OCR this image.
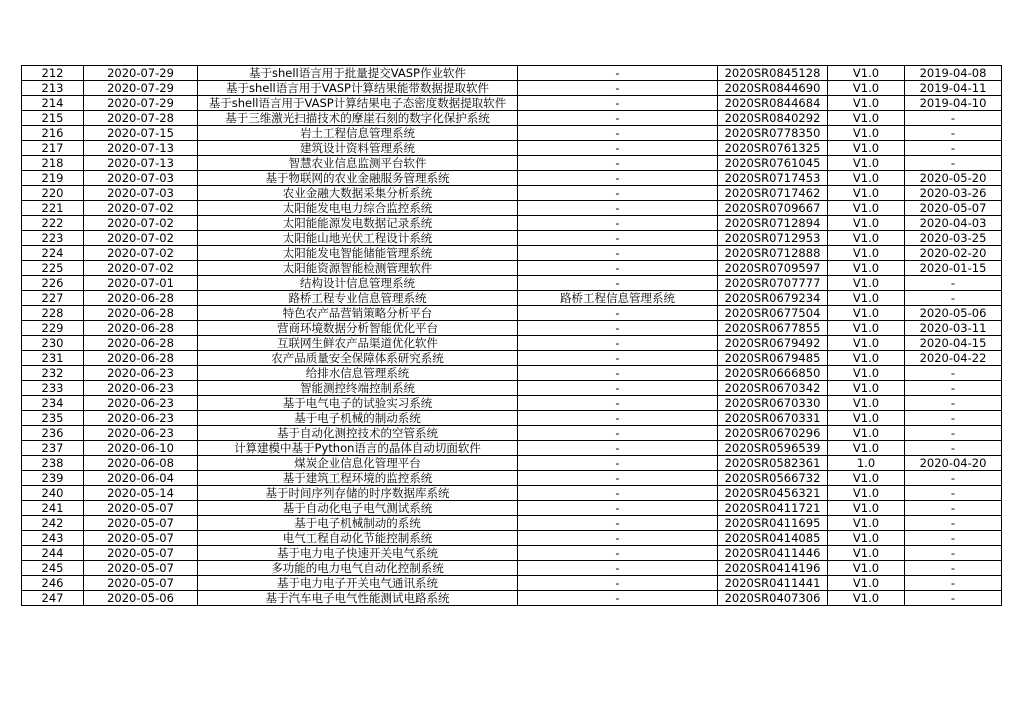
212	2020-07-29	基于shell语言用于批量提交VASP作业软件	-	2020SR0845128	V1.0	2019-04-08
213	2020-07-29	基于shell语言用于VASP计算结果能带数据提取软件	-	2020SR0844690	V1.0	2019-04-11
214	2020-07-29	基于shell语言用于VASP计算结果电子态密度数据提取软件	-	2020SR0844684	V1.0	2019-04-10
215	2020-07-28	基于三维激光扫描技术的摩崖石刻的数字化保护系统	-	2020SR0840292	V1.0	-
216	2020-07-15	岩土工程信息管理系统	-	2020SR0778350	V1.0	-
217	2020-07-13	建筑设计资料管理系统	-	2020SR0761325	V1.0	-
218	2020-07-13	智慧农业信息监测平台软件	-	2020SR0761045	V1.0	-
219	2020-07-03	基于物联网的农业金融服务管理系统	-	2020SR0717453	V1.0	2020-05-20
220	2020-07-03	农业金融大数据采集分析系统	-	2020SR0717462	V1.0	2020-03-26
221	2020-07-02	太阳能发电电力综合监控系统	-	2020SR0709667	V1.0	2020-05-07
222	2020-07-02	太阳能能源发电数据记录系统	-	2020SR0712894	V1.0	2020-04-03
223	2020-07-02	太阳能山地光伏工程设计系统	-	2020SR0712953	V1.0	2020-03-25
224	2020-07-02	太阳能发电智能储能管理系统	-	2020SR0712888	V1.0	2020-02-20
225	2020-07-02	太阳能资源智能检测管理软件	-	2020SR0709597	V1.0	2020-01-15
226	2020-07-01	结构设计信息管理系统	-	2020SR0707777	V1.0	-
227	2020-06-28	路桥工程专业信息管理系统	路桥工程信息管理系统	2020SR0679234	V1.0	-
228	2020-06-28	特色农产品营销策略分析平台	-	2020SR0677504	V1.0	2020-05-06
229	2020-06-28	营商环境数据分析智能优化平台	-	2020SR0677855	V1.0	2020-03-11
230	2020-06-28	互联网生鲜农产品渠道优化软件	-	2020SR0679492	V1.0	2020-04-15
231	2020-06-28	农产品质量安全保障体系研究系统	-	2020SR0679485	V1.0	2020-04-22
232	2020-06-23	给排水信息管理系统	-	2020SR0666850	V1.0	-
233	2020-06-23	智能测控终端控制系统	-	2020SR0670342	V1.0	-
234	2020-06-23	基于电气电子的试验实习系统	-	2020SR0670330	V1.0	-
235	2020-06-23	基于电子机械的制动系统	-	2020SR0670331	V1.0	-
236	2020-06-23	基于自动化测控技术的空管系统	-	2020SR0670296	V1.0	-
237	2020-06-10	计算建模中基于Python语言的晶体自动切面软件	-	2020SR0596539	V1.0	-
238	2020-06-08	煤炭企业信息化管理平台	-	2020SR0582361	1.0	2020-04-20
239	2020-06-04	基于建筑工程环境的监控系统	-	2020SR0566732	V1.0	-
240	2020-05-14	基于时间序列存储的时序数据库系统	-	2020SR0456321	V1.0	-
241	2020-05-07	基于自动化电子电气测试系统	-	2020SR0411721	V1.0	-
242	2020-05-07	基于电子机械制动的系统	-	2020SR0411695	V1.0	-
243	2020-05-07	电气工程自动化节能控制系统	-	2020SR0414085	V1.0	-
244	2020-05-07	基于电力电子快速开关电气系统	-	2020SR0411446	V1.0	-
245	2020-05-07	多功能的电力电气自动化控制系统	-	2020SR0414196	V1.0	-
246	2020-05-07	基于电力电子开关电气通讯系统	-	2020SR0411441	V1.0	-
247	2020-05-06	基于汽车电子电气性能测试电路系统	-	2020SR0407306	V1.0	-
